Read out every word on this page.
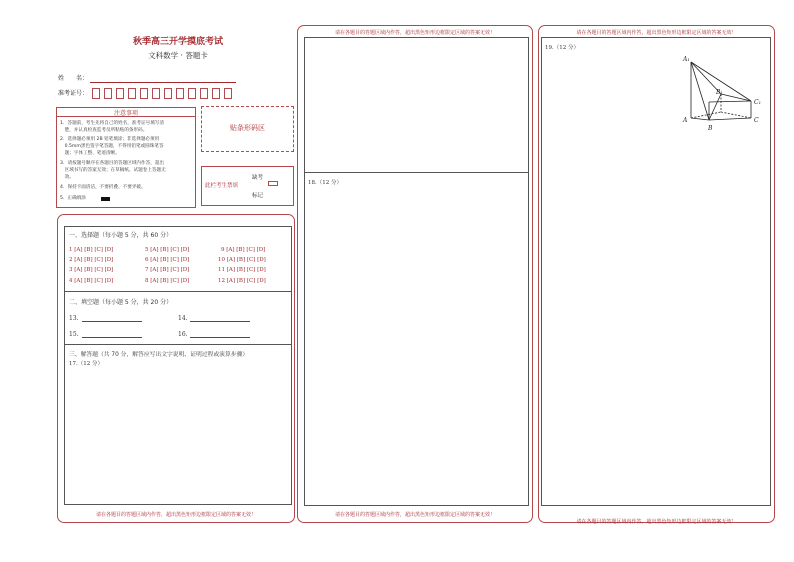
秋季高三开学摸底考试
文科数学 · 答题卡
姓　　名：
准考证号：
注意事项
1．答题前，考生先将自己的姓名，准考证号填写清
　楚，并认真检查监考员所粘贴的条形码。
2．选择题必须用 2B 铅笔填涂；非选择题必须用
　0.5mm黑色签字笔答题，不得用铅笔或圆珠笔答
　题；字体工整、笔迹清晰。
3．请按题号顺序在各题目的答题区域内作答，超出
　区域书写的答案无效；在草稿纸、试题卷上答题无
　效。
4．保持卡面清洁，不要折叠、不要弄破。
5．正确填涂
贴条形码区
此栏考生禁填
缺考
标记
一、选择题（每小题 5 分，共 60 分）
1 [A] [B] [C] [D]	5 [A] [B] [C] [D]	9 [A] [B] [C] [D]
2 [A] [B] [C] [D]	6 [A] [B] [C] [D]	10 [A] [B] [C] [D]
3 [A] [B] [C] [D]	7 [A] [B] [C] [D]	11 [A] [B] [C] [D]
4 [A] [B] [C] [D]	8 [A] [B] [C] [D]	12 [A] [B] [C] [D]
二、填空题（每小题 5 分，共 20 分）
13.	14.
15.	16.
三、解答题（共 70 分，解答应写出文字说明、证明过程或演算步骤）
17.（12 分）
请在各题目的答题区域内作答，超出黑色矩形边框限定区域的答案无效！
请在各题目的答题区域内作答，超出黑色矩形边框限定区域的答案无效！
18.（12 分）
请在各题目的答题区域内作答，超出黑色矩形边框限定区域的答案无效！
请在各题目的答题区域内作答，超出黑色矩形边框限定区域的答案无效！
19.（12 分）
A₁
B₁
C₁
A
B
C
请在各题目的答题区域内作答，超出黑色矩形边框限定区域的答案无效！
